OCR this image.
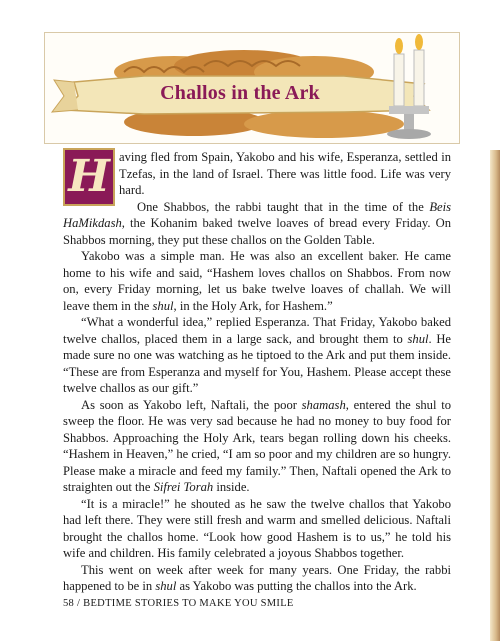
Challos in the Ark
H aving fled from Spain, Yakobo and his wife, Esperanza, settled in Tzefas, in the land of Israel. There was little food. Life was very hard.

One Shabbos, the rabbi taught that in the time of the Beis HaMikdash, the Kohanim baked twelve loaves of bread every Friday. On Shabbos morning, they put these challos on the Golden Table.

Yakobo was a simple man. He was also an excellent baker. He came home to his wife and said, “Hashem loves challos on Shabbos. From now on, every Friday morning, let us bake twelve loaves of challah. We will leave them in the shul, in the Holy Ark, for Hashem.”

“What a wonderful idea,” replied Esperanza. That Friday, Yakobo baked twelve challos, placed them in a large sack, and brought them to shul. He made sure no one was watching as he tiptoed to the Ark and put them inside. “These are from Esperanza and myself for You, Hashem. Please accept these twelve challos as our gift.”

As soon as Yakobo left, Naftali, the poor shamash, entered the shul to sweep the floor. He was very sad because he had no money to buy food for Shabbos. Approaching the Holy Ark, tears began rolling down his cheeks. “Hashem in Heaven,” he cried, “I am so poor and my children are so hungry. Please make a miracle and feed my family.” Then, Naftali opened the Ark to straighten out the Sifrei Torah inside.

“It is a miracle!” he shouted as he saw the twelve challos that Yakobo had left there. They were still fresh and warm and smelled delicious. Naftali brought the challos home. “Look how good Hashem is to us,” he told his wife and children. His family celebrated a joyous Shabbos together.

This went on week after week for many years. One Friday, the rabbi happened to be in shul as Yakobo was putting the challos into the Ark.

58 / BEDTIME STORIES TO MAKE YOU SMILE
